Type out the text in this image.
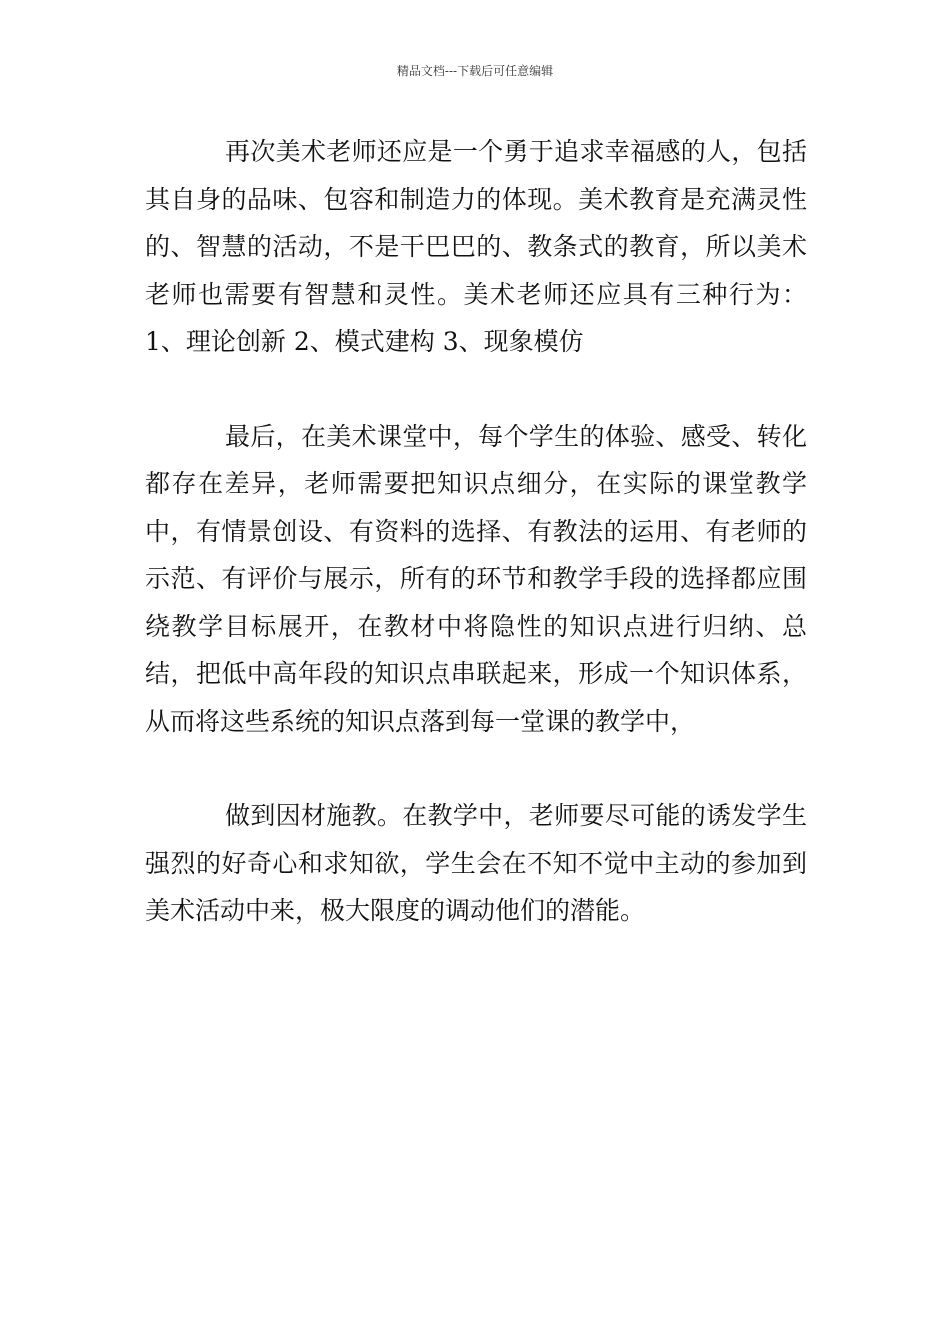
精品文档---下载后可任意编辑

再次美术老师还应是一个勇于追求幸福感的人，包括其自身的品味、包容和制造力的体现。美术教育是充满灵性的、智慧的活动，不是干巴巴的、教条式的教育，所以美术老师也需要有智慧和灵性。美术老师还应具有三种行为：1、理论创新 2、模式建构 3、现象模仿

最后，在美术课堂中，每个学生的体验、感受、转化都存在差异，老师需要把知识点细分，在实际的课堂教学中，有情景创设、有资料的选择、有教法的运用、有老师的示范、有评价与展示，所有的环节和教学手段的选择都应围绕教学目标展开，在教材中将隐性的知识点进行归纳、总结，把低中高年段的知识点串联起来，形成一个知识体系，从而将这些系统的知识点落到每一堂课的教学中，

做到因材施教。在教学中，老师要尽可能的诱发学生强烈的好奇心和求知欲，学生会在不知不觉中主动的参加到美术活动中来，极大限度的调动他们的潜能。
